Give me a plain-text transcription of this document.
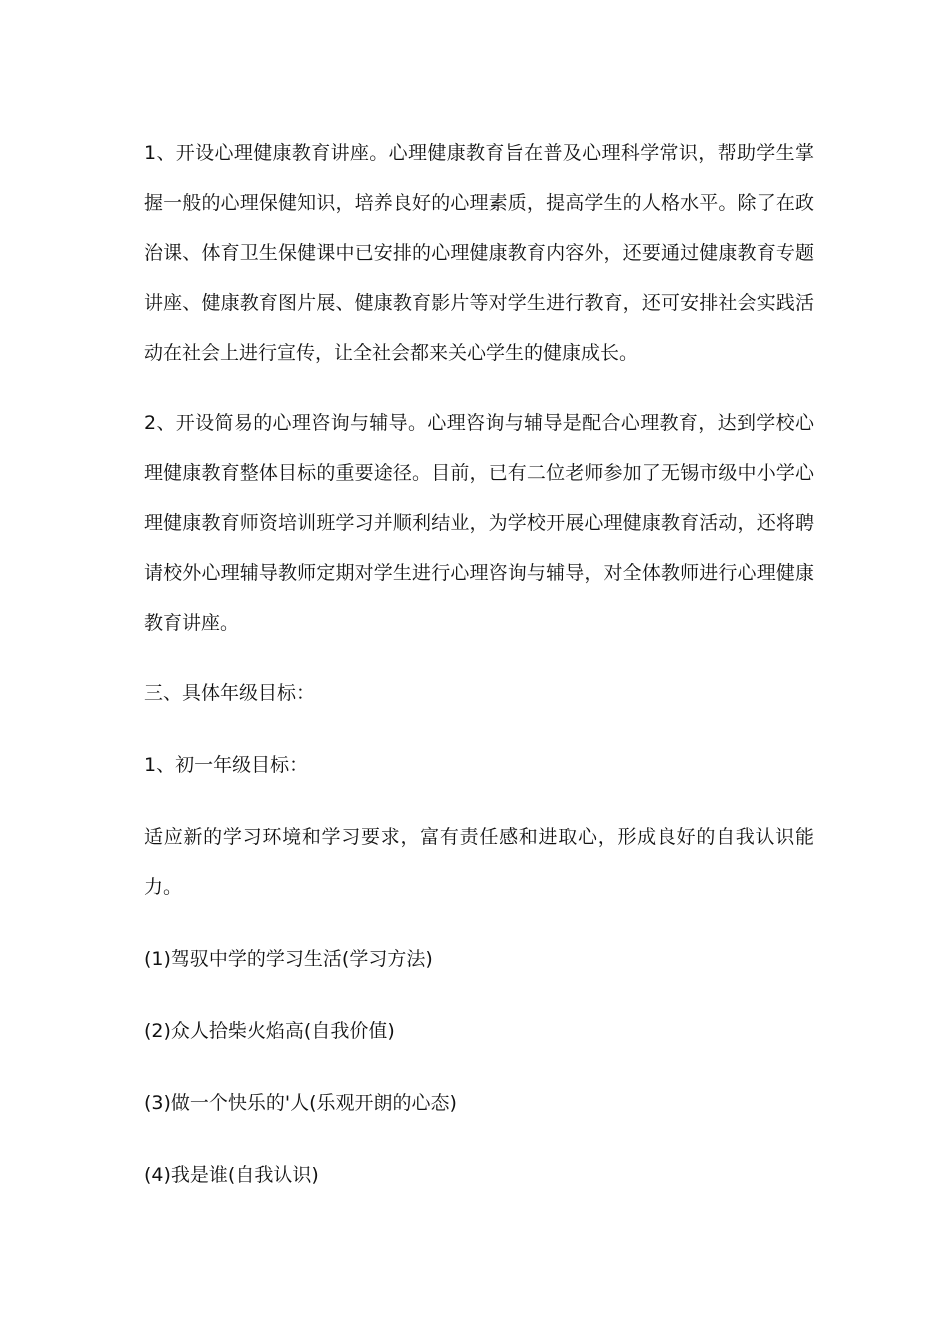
1、开设心理健康教育讲座。心理健康教育旨在普及心理科学常识，帮助学生掌握一般的心理保健知识，培养良好的心理素质，提高学生的人格水平。除了在政治课、体育卫生保健课中已安排的心理健康教育内容外，还要通过健康教育专题讲座、健康教育图片展、健康教育影片等对学生进行教育，还可安排社会实践活动在社会上进行宣传，让全社会都来关心学生的健康成长。

2、开设简易的心理咨询与辅导。心理咨询与辅导是配合心理教育，达到学校心理健康教育整体目标的重要途径。目前，已有二位老师参加了无锡市级中小学心理健康教育师资培训班学习并顺利结业，为学校开展心理健康教育活动，还将聘请校外心理辅导教师定期对学生进行心理咨询与辅导，对全体教师进行心理健康教育讲座。

三、具体年级目标：

1、初一年级目标：

适应新的学习环境和学习要求，富有责任感和进取心，形成良好的自我认识能力。

(1)驾驭中学的学习生活(学习方法)

(2)众人拾柴火焰高(自我价值)

(3)做一个快乐的'人(乐观开朗的心态)

(4)我是谁(自我认识)
